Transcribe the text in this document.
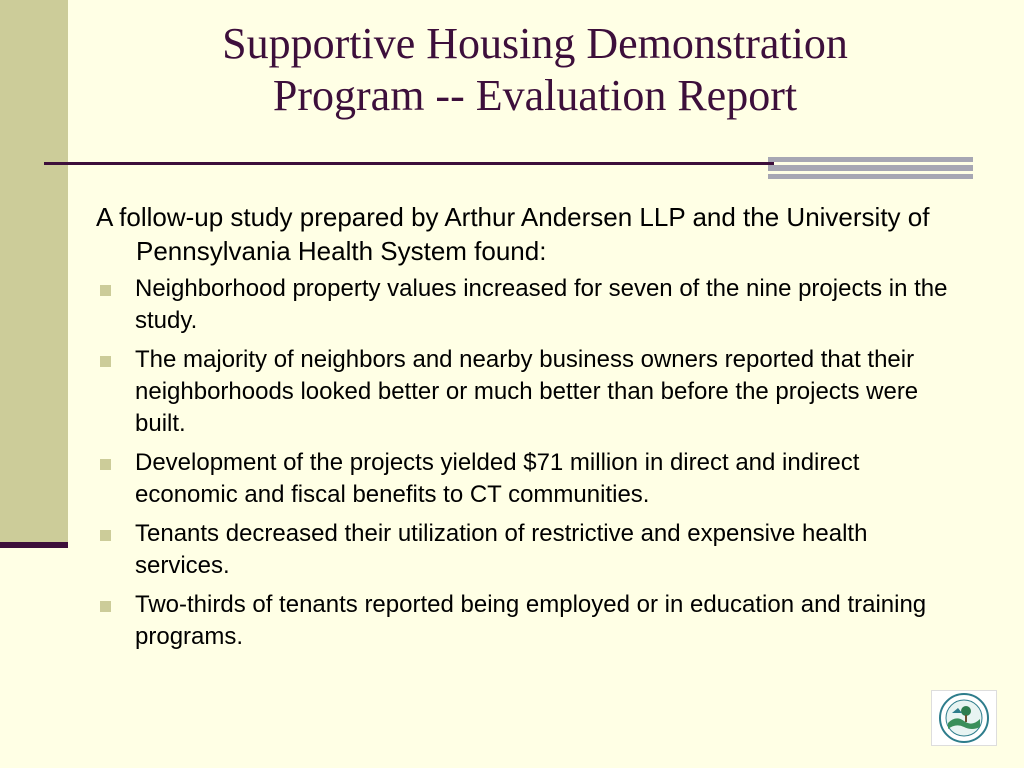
Supportive Housing Demonstration
Program -- Evaluation Report

A follow-up study prepared by Arthur Andersen LLP and the University of Pennsylvania Health System found:

Neighborhood property values increased for seven of the nine projects in the study.
The majority of neighbors and nearby business owners reported that their neighborhoods looked better or much better than before the projects were built.
Development of the projects yielded $71 million in direct and indirect economic and fiscal benefits to CT communities.
Tenants decreased their utilization of restrictive and expensive health services.
Two-thirds of tenants reported being employed or in education and training programs.
